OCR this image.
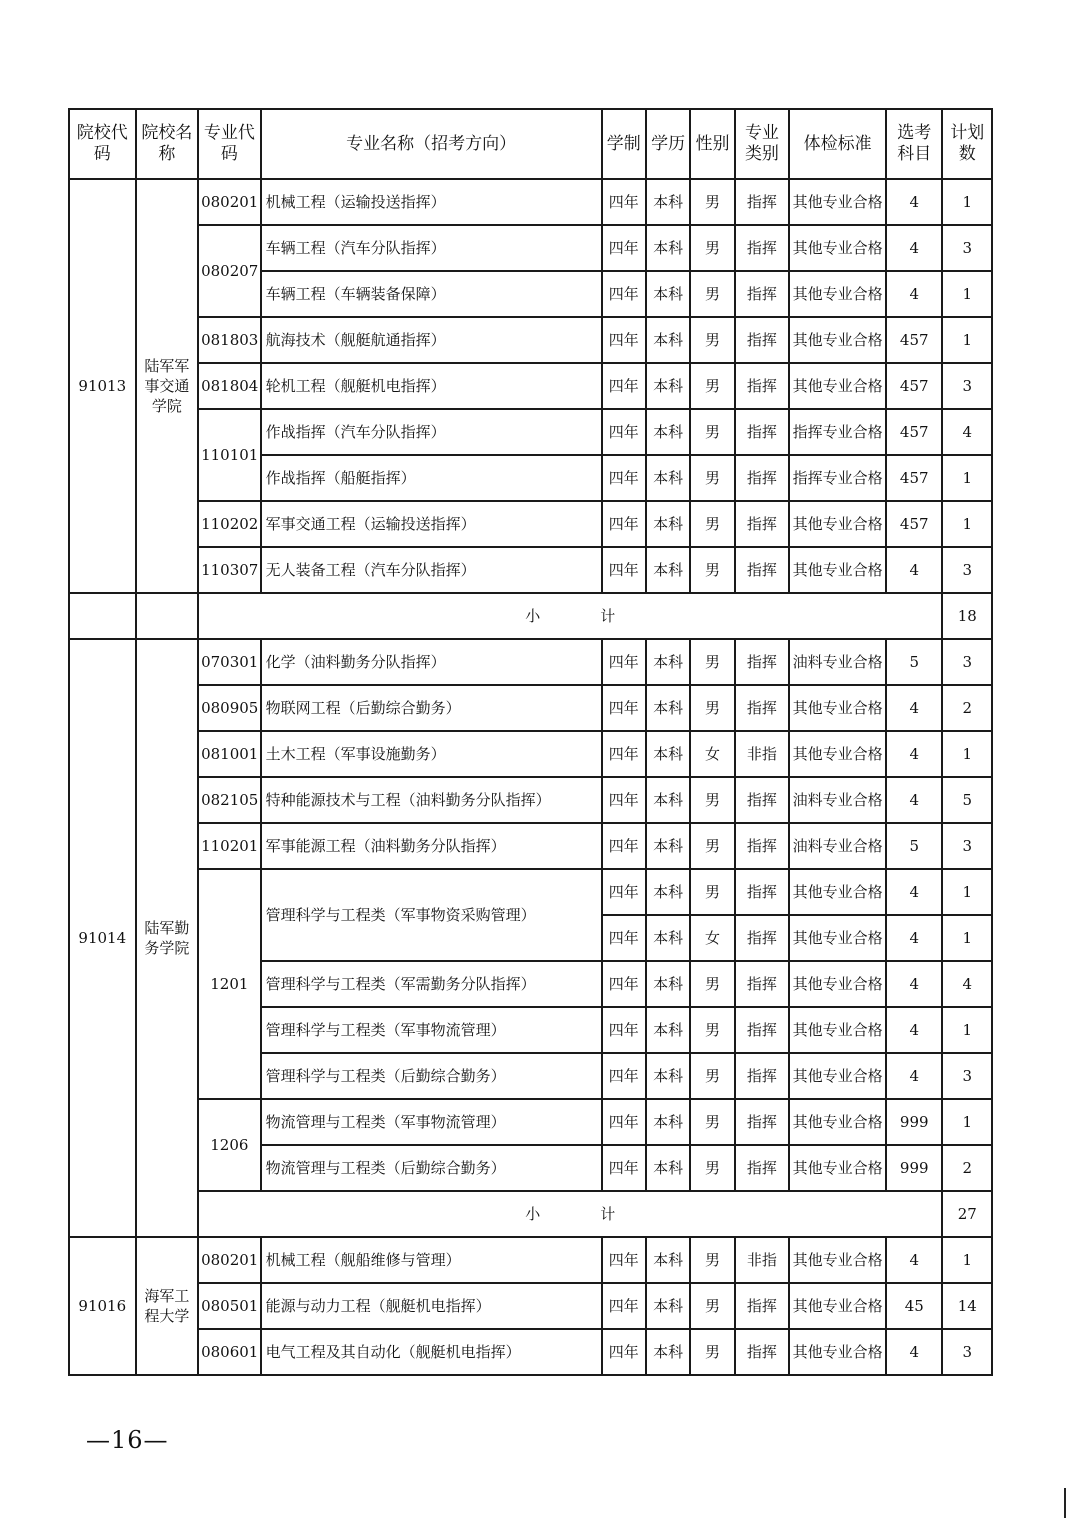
院校代码	院校名称	专业代码	专业名称（招考方向）	学制	学历	性别	专业类别	体检标准	选考科目	计划数
91013	陆军军事交通学院	080201	机械工程（运输投送指挥）	四年	本科	男	指挥	其他专业合格	4	1
		080207	车辆工程（汽车分队指挥）	四年	本科	男	指挥	其他专业合格	4	3
			车辆工程（车辆装备保障）	四年	本科	男	指挥	其他专业合格	4	1
		081803	航海技术（舰艇航通指挥）	四年	本科	男	指挥	其他专业合格	457	1
		081804	轮机工程（舰艇机电指挥）	四年	本科	男	指挥	其他专业合格	457	3
		110101	作战指挥（汽车分队指挥）	四年	本科	男	指挥	指挥专业合格	457	4
			作战指挥（船艇指挥）	四年	本科	男	指挥	指挥专业合格	457	1
		110202	军事交通工程（运输投送指挥）	四年	本科	男	指挥	其他专业合格	457	1
		110307	无人装备工程（汽车分队指挥）	四年	本科	男	指挥	其他专业合格	4	3
		小计								18
91014	陆军勤务学院	070301	化学（油料勤务分队指挥）	四年	本科	男	指挥	油料专业合格	5	3
		080905	物联网工程（后勤综合勤务）	四年	本科	男	指挥	其他专业合格	4	2
		081001	土木工程（军事设施勤务）	四年	本科	女	非指	其他专业合格	4	1
		082105	特种能源技术与工程（油料勤务分队指挥）	四年	本科	男	指挥	油料专业合格	4	5
		110201	军事能源工程（油料勤务分队指挥）	四年	本科	男	指挥	油料专业合格	5	3
		1201	管理科学与工程类（军事物资采购管理）	四年	本科	男	指挥	其他专业合格	4	1
				四年	本科	女	指挥	其他专业合格	4	1
			管理科学与工程类（军需勤务分队指挥）	四年	本科	男	指挥	其他专业合格	4	4
			管理科学与工程类（军事物流管理）	四年	本科	男	指挥	其他专业合格	4	1
			管理科学与工程类（后勤综合勤务）	四年	本科	男	指挥	其他专业合格	4	3
		1206	物流管理与工程类（军事物流管理）	四年	本科	男	指挥	其他专业合格	999	1
			物流管理与工程类（后勤综合勤务）	四年	本科	男	指挥	其他专业合格	999	2
		小计								27
91016	海军工程大学	080201	机械工程（舰船维修与管理）	四年	本科	男	非指	其他专业合格	4	1
		080501	能源与动力工程（舰艇机电指挥）	四年	本科	男	指挥	其他专业合格	45	14
		080601	电气工程及其自动化（舰艇机电指挥）	四年	本科	男	指挥	其他专业合格	4	3
—16—
